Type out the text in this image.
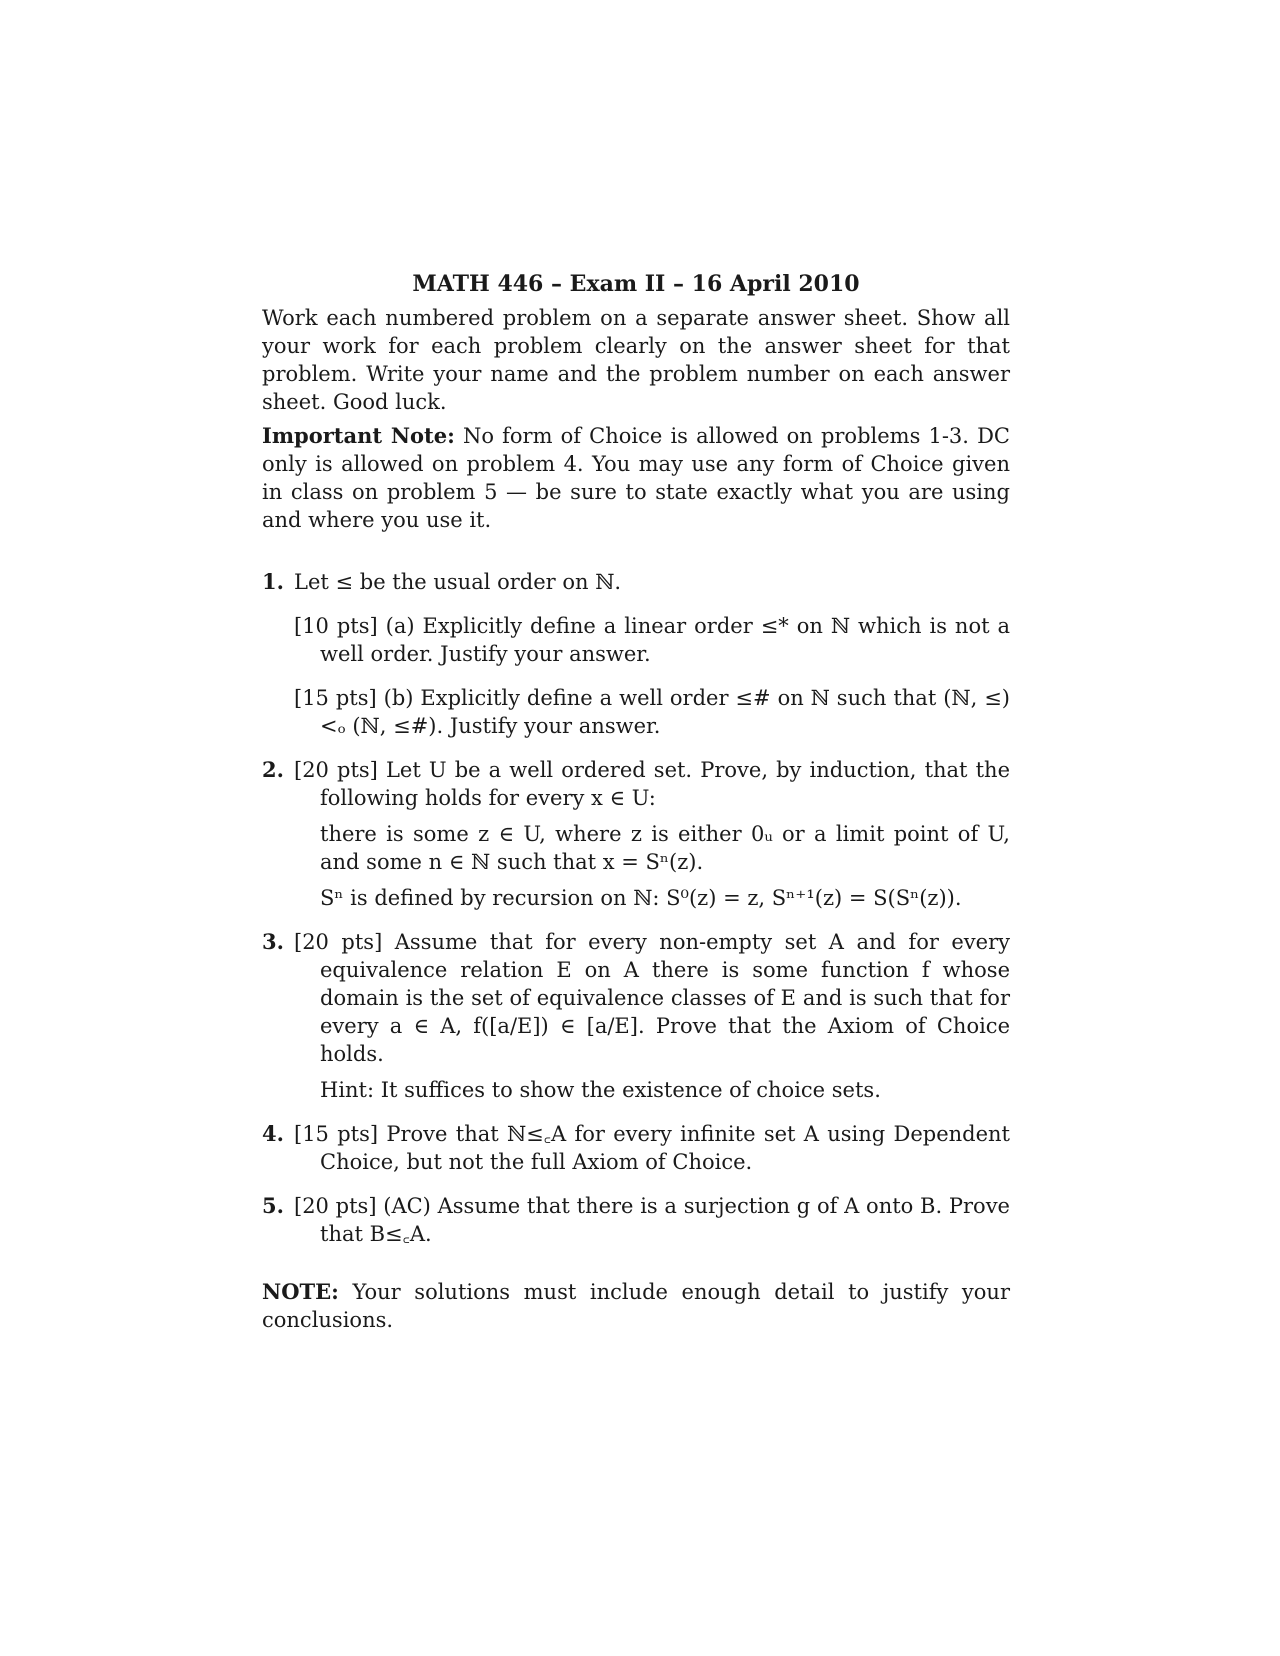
MATH 446 – Exam II – 16 April 2010
Work each numbered problem on a separate answer sheet. Show all your work for each problem clearly on the answer sheet for that problem. Write your name and the problem number on each answer sheet. Good luck.
Important Note: No form of Choice is allowed on problems 1-3. DC only is allowed on problem 4. You may use any form of Choice given in class on problem 5 — be sure to state exactly what you are using and where you use it.
1. Let ≤ be the usual order on ℕ.
[10 pts] (a) Explicitly define a linear order ≤* on ℕ which is not a well order. Justify your answer.
[15 pts] (b) Explicitly define a well order ≤# on ℕ such that (ℕ, ≤) <ₒ (ℕ, ≤#). Justify your answer.
2. [20 pts] Let U be a well ordered set. Prove, by induction, that the following holds for every x ∈ U:
there is some z ∈ U, where z is either 0ᵤ or a limit point of U, and some n ∈ ℕ such that x = Sⁿ(z).
Sⁿ is defined by recursion on ℕ: S⁰(z) = z, Sⁿ⁺¹(z) = S(Sⁿ(z)).
3. [20 pts] Assume that for every non-empty set A and for every equivalence relation E on A there is some function f whose domain is the set of equivalence classes of E and is such that for every a ∈ A, f([a/E]) ∈ [a/E]. Prove that the Axiom of Choice holds.
Hint: It suffices to show the existence of choice sets.
4. [15 pts] Prove that ℕ≤꜀A for every infinite set A using Dependent Choice, but not the full Axiom of Choice.
5. [20 pts] (AC) Assume that there is a surjection g of A onto B. Prove that B≤꜀A.
NOTE: Your solutions must include enough detail to justify your conclusions.
